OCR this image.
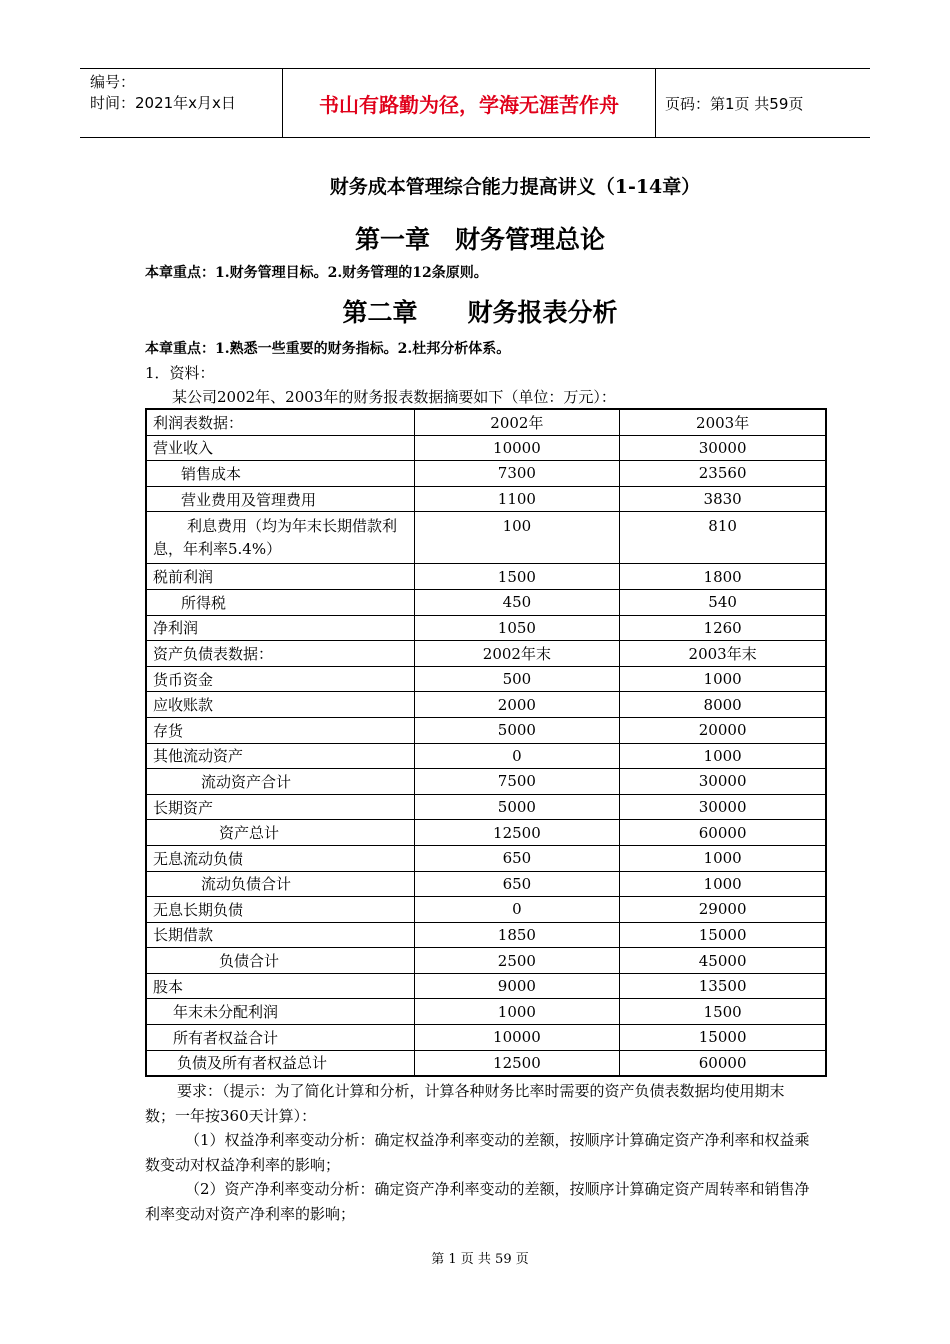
编号：
时间：2021年x月x日	书山有路勤为径，学海无涯苦作舟	页码：第1页 共59页
财务成本管理综合能力提高讲义（1-14章）
第一章　财务管理总论
本章重点：1.财务管理目标。2.财务管理的12条原则。
第二章　　财务报表分析
本章重点：1.熟悉一些重要的财务指标。2.杜邦分析体系。
1．资料：
某公司2002年、2003年的财务报表数据摘要如下（单位：万元）：
利润表数据：	2002年	2003年
营业收入	10000	30000
销售成本	7300	23560
营业费用及管理费用	1100	3830
利息费用（均为年末长期借款利息，年利率5.4%）	100	810
税前利润	1500	1800
所得税	450	540
净利润	1050	1260
资产负债表数据：	2002年末	2003年末
货币资金	500	1000
应收账款	2000	8000
存货	5000	20000
其他流动资产	0	1000
流动资产合计	7500	30000
长期资产	5000	30000
资产总计	12500	60000
无息流动负债	650	1000
流动负债合计	650	1000
无息长期负债	0	29000
长期借款	1850	15000
负债合计	2500	45000
股本	9000	13500
年末未分配利润	1000	1500
所有者权益合计	10000	15000
负债及所有者权益总计	12500	60000
要求：（提示：为了简化计算和分析，计算各种财务比率时需要的资产负债表数据均使用期末数；一年按360天计算）：
（1）权益净利率变动分析：确定权益净利率变动的差额，按顺序计算确定资产净利率和权益乘数变动对权益净利率的影响；
（2）资产净利率变动分析：确定资产净利率变动的差额，按顺序计算确定资产周转率和销售净利率变动对资产净利率的影响；
第 1 页 共 59 页
